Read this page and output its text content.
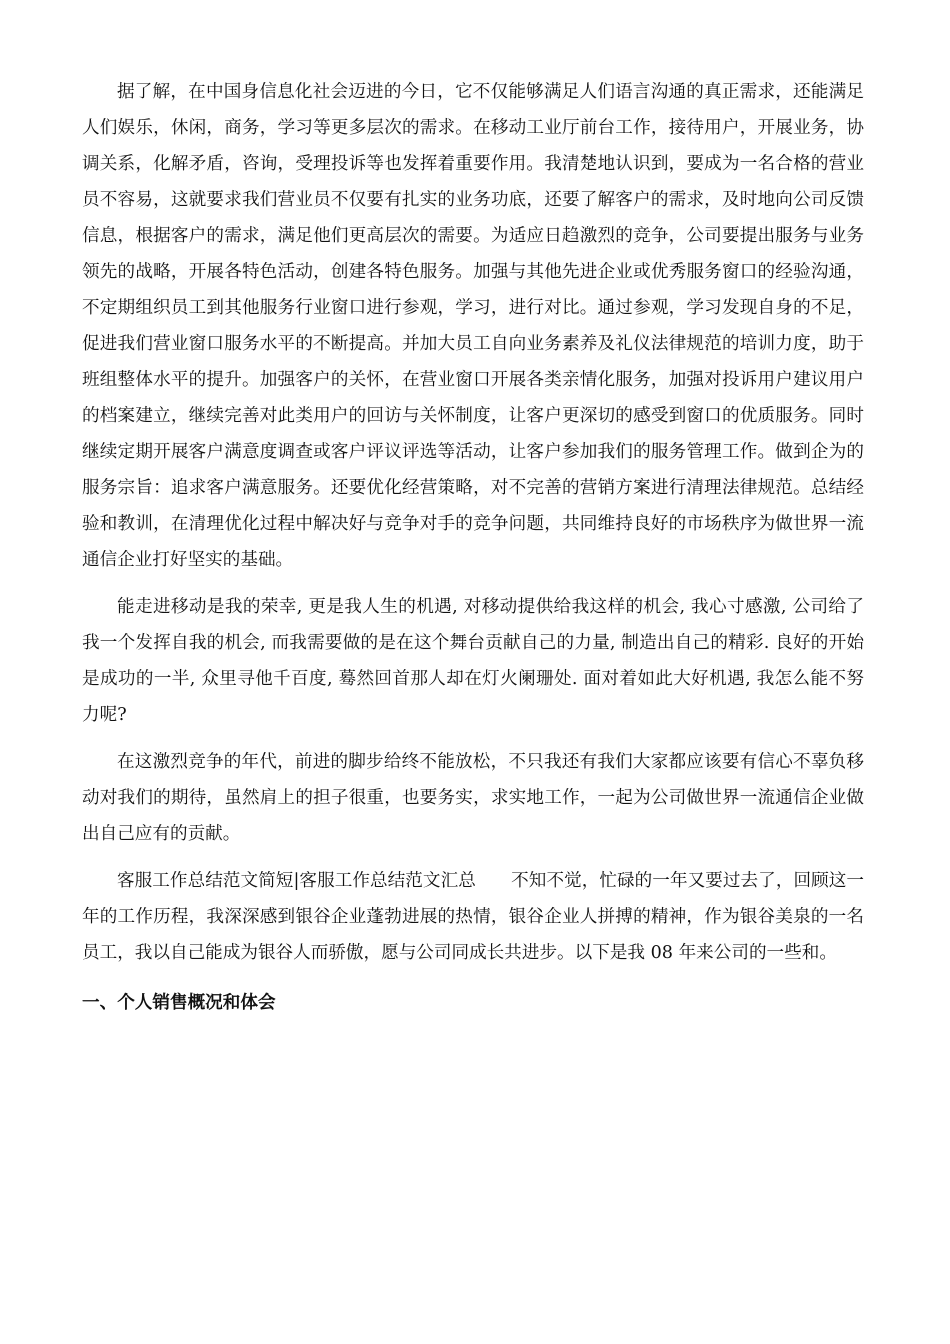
据了解，在中国身信息化社会迈进的今日，它不仅能够满足人们语言沟通的真正需求，还能满足人们娱乐，休闲，商务，学习等更多层次的需求。在移动工业厅前台工作，接待用户，开展业务，协调关系，化解矛盾，咨询，受理投诉等也发挥着重要作用。我清楚地认识到，要成为一名合格的营业员不容易，这就要求我们营业员不仅要有扎实的业务功底，还要了解客户的需求，及时地向公司反馈信息，根据客户的需求，满足他们更高层次的需要。为适应日趋激烈的竞争，公司要提出服务与业务领先的战略，开展各特色活动，创建各特色服务。加强与其他先进企业或优秀服务窗口的经验沟通，不定期组织员工到其他服务行业窗口进行参观，学习，进行对比。通过参观，学习发现自身的不足，促进我们营业窗口服务水平的不断提高。并加大员工自向业务素养及礼仪法律规范的培训力度，助于班组整体水平的提升。加强客户的关怀，在营业窗口开展各类亲情化服务，加强对投诉用户建议用户的档案建立，继续完善对此类用户的回访与关怀制度，让客户更深切的感受到窗口的优质服务。同时继续定期开展客户满意度调查或客户评议评选等活动，让客户参加我们的服务管理工作。做到企为的服务宗旨：追求客户满意服务。还要优化经营策略，对不完善的营销方案进行清理法律规范。总结经验和教训，在清理优化过程中解决好与竞争对手的竞争问题，共同维持良好的市场秩序为做世界一流通信企业打好坚实的基础。

能走进移动是我的荣幸, 更是我人生的机遇, 对移动提供给我这样的机会, 我心寸感激, 公司给了我一个发挥自我的机会, 而我需要做的是在这个舞台贡献自己的力量, 制造出自己的精彩. 良好的开始是成功的一半, 众里寻他千百度, 蓦然回首那人却在灯火阑珊处. 面对着如此大好机遇, 我怎么能不努力呢?

在这激烈竞争的年代，前进的脚步给终不能放松，不只我还有我们大家都应该要有信心不辜负移动对我们的期待，虽然肩上的担子很重，也要务实，求实地工作，一起为公司做世界一流通信企业做出自己应有的贡献。

客服工作总结范文简短|客服工作总结范文汇总　　不知不觉，忙碌的一年又要过去了，回顾这一年的工作历程，我深深感到银谷企业蓬勃进展的热情，银谷企业人拼搏的精神，作为银谷美泉的一名员工，我以自己能成为银谷人而骄傲，愿与公司同成长共进步。以下是我 08 年来公司的一些和。

一、个人销售概况和体会
